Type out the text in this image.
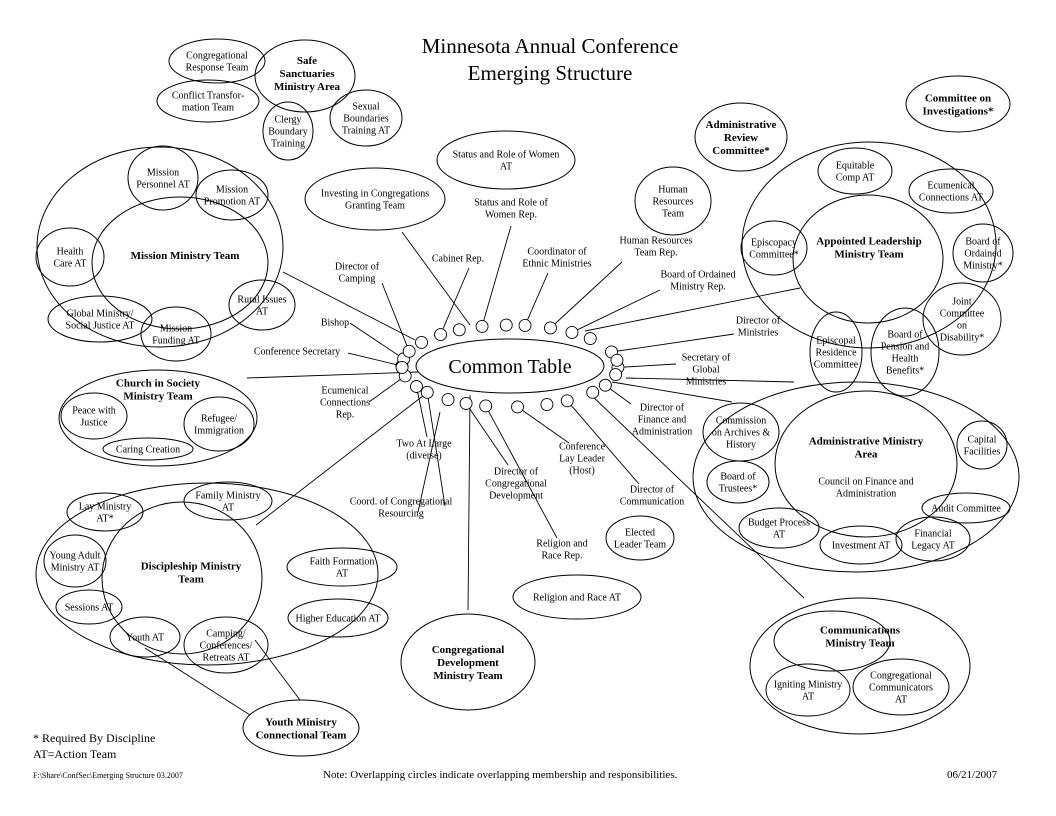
Minnesota Annual Conference
Emerging Structure
Common Table
Mission Ministry Team
Mission Personnel AT	Mission Promotion AT
Health Care AT
Global Ministry/ Social Justice AT	Mission Funding AT
Rural Issues AT
Safe Sanctuaries Ministry Area
Congregational Response Team
Conflict Transfor-mation Team
Clergy Boundary Training
Sexual Boundaries Training AT
Church in Society Ministry Team
Peace with Justice	Refugee/ Immigration
Caring Creation
Discipleship Ministry Team
Lay Ministry AT*
Family Ministry AT
Young Adult Ministry AT
Sessions AT
Youth AT	Camping/ Conferences/ Retreats AT
Faith Formation AT
Higher Education AT
Youth Ministry Connectional Team
Congregational Development Ministry Team
Religion and Race AT
Elected Leader Team
Status and Role of Women AT
Investing in Congregations Granting Team
Human Resources Team
Administrative Review Committee*
Committee on Investigations*
Appointed Leadership Ministry Team
Equitable Comp AT
Ecumenical Connections AT
Episcopacy Committee*
Board of Ordained Ministry*
Joint Committee on Disability*
Episcopal Residence Committee
Board of Pension and Health Benefits*
Administrative Ministry Area
Council on Finance and Administration
Commission on Archives & History
Board of Trustees*
Capital Facilities
Audit Committee
Budget Process AT
Investment AT
Financial Legacy AT
Communications Ministry Team
Igniting Ministry AT
Congregational Communicators AT
Conference Secretary
Bishop
Director of Camping
Cabinet Rep.
Status and Role of Women Rep.
Coordinator of Ethnic Ministries
Human Resources Team Rep.
Board of Ordained Ministry Rep.
Director of Ministries
Secretary of Global Ministries
Director of Finance and Administration
Director of Communication
Conference Lay Leader (Host)
Religion and Race Rep.
Director of Congregational Development
Coord. of Congregational Resourcing
Two At Large (diverse)
Ecumenical Connections Rep.
* Required By Discipline
AT=Action Team
F:\Share\ConfSec\Emerging Structure 03.2007	Note: Overlapping circles indicate overlapping membership and responsibilities.	06/21/2007
